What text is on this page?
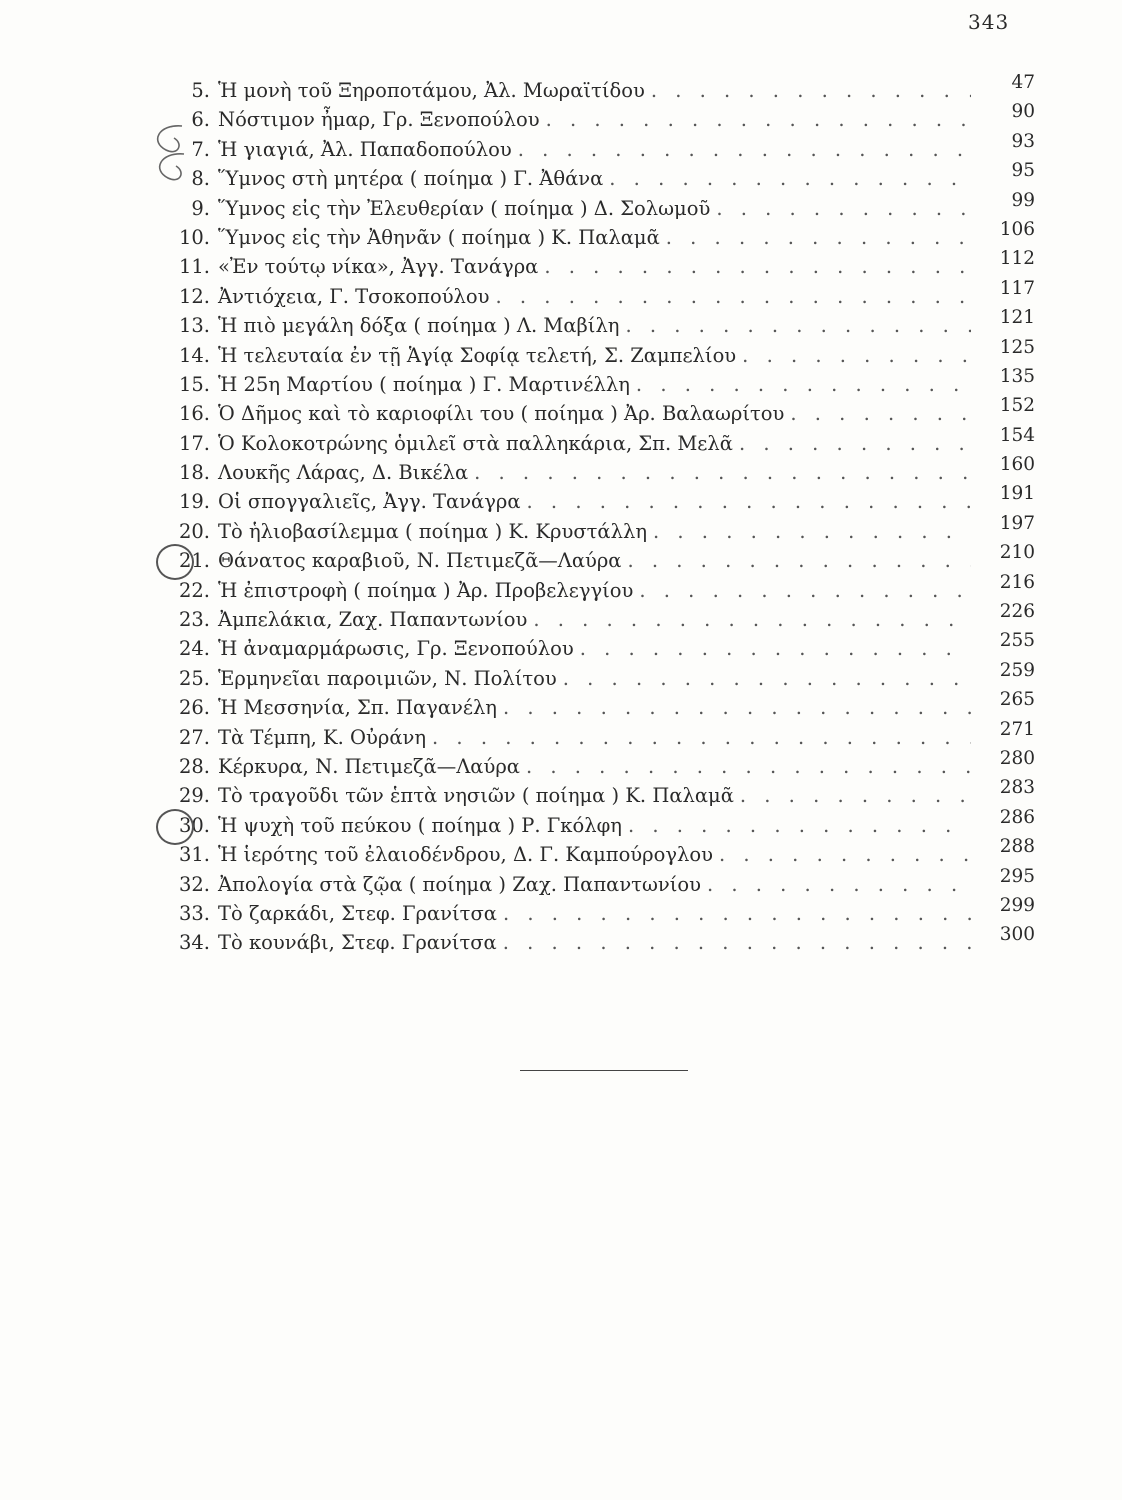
343
5. Ἡ μονὴ τοῦ Ξηροποτάμου, Ἀλ. Μωραϊτίδου . . .	47
6. Νόστιμον ἦμαρ, Γρ. Ξενοπούλου . . .	90
7. Ἡ γιαγιά, Ἀλ. Παπαδοπούλου . . .	93
8. Ὕμνος στὴ μητέρα ( ποίημα ) Γ. Ἀθάνα . . .	95
9. Ὕμνος εἰς τὴν Ἐλευθερίαν ( ποίημα ) Δ. Σολωμοῦ . . .	99
10. Ὕμνος εἰς τὴν Ἀθηνᾶν ( ποίημα ) Κ. Παλαμᾶ . . .	106
11. «Ἐν τούτῳ νίκα», Ἀγγ. Τανάγρα . . .	112
12. Ἀντιόχεια, Γ. Τσοκοπούλου . . .	117
13. Ἡ πιὸ μεγάλη δόξα ( ποίημα ) Λ. Μαβίλη . . .	121
14. Ἡ τελευταία ἐν τῇ Ἁγίᾳ Σοφίᾳ τελετή, Σ. Ζαμπελίου . . .	125
15. Ἡ 25η Μαρτίου ( ποίημα ) Γ. Μαρτινέλλη . . .	135
16. Ὁ Δῆμος καὶ τὸ καριοφίλι του ( ποίημα ) Ἀρ. Βαλαωρίτου . . .	152
17. Ὁ Κολοκοτρώνης ὁμιλεῖ στὰ παλληκάρια, Σπ. Μελᾶ . . .	154
18. Λουκῆς Λάρας, Δ. Βικέλα . . .	160
19. Οἱ σπογγαλιεῖς, Ἀγγ. Τανάγρα . . .	191
20. Τὸ ἡλιοβασίλεμμα ( ποίημα ) Κ. Κρυστάλλη . . .	197
21. Θάνατος καραβιοῦ, Ν. Πετιμεζᾶ—Λαύρα . . .	210
22. Ἡ ἐπιστροφὴ ( ποίημα ) Ἀρ. Προβελεγγίου . . .	216
23. Ἀμπελάκια, Ζαχ. Παπαντωνίου . . .	226
24. Ἡ ἀναμαρμάρωσις, Γρ. Ξενοπούλου . . .	255
25. Ἑρμηνεῖαι παροιμιῶν, Ν. Πολίτου . . .	259
26. Ἡ Μεσσηνία, Σπ. Παγανέλη . . .	265
27. Τὰ Τέμπη, Κ. Οὐράνη . . .	271
28. Κέρκυρα, Ν. Πετιμεζᾶ—Λαύρα . . .	280
29. Τὸ τραγοῦδι τῶν ἑπτὰ νησιῶν ( ποίημα ) Κ. Παλαμᾶ . . .	283
30. Ἡ ψυχὴ τοῦ πεύκου ( ποίημα ) Ρ. Γκόλφη . . .	286
31. Ἡ ἱερότης τοῦ ἐλαιοδένδρου, Δ. Γ. Καμπούρογλου . . .	288
32. Ἀπολογία στὰ ζῷα ( ποίημα ) Ζαχ. Παπαντωνίου . . .	295
33. Τὸ ζαρκάδι, Στεφ. Γρανίτσα . . .	299
34. Τὸ κουνάβι, Στεφ. Γρανίτσα . . .	300
